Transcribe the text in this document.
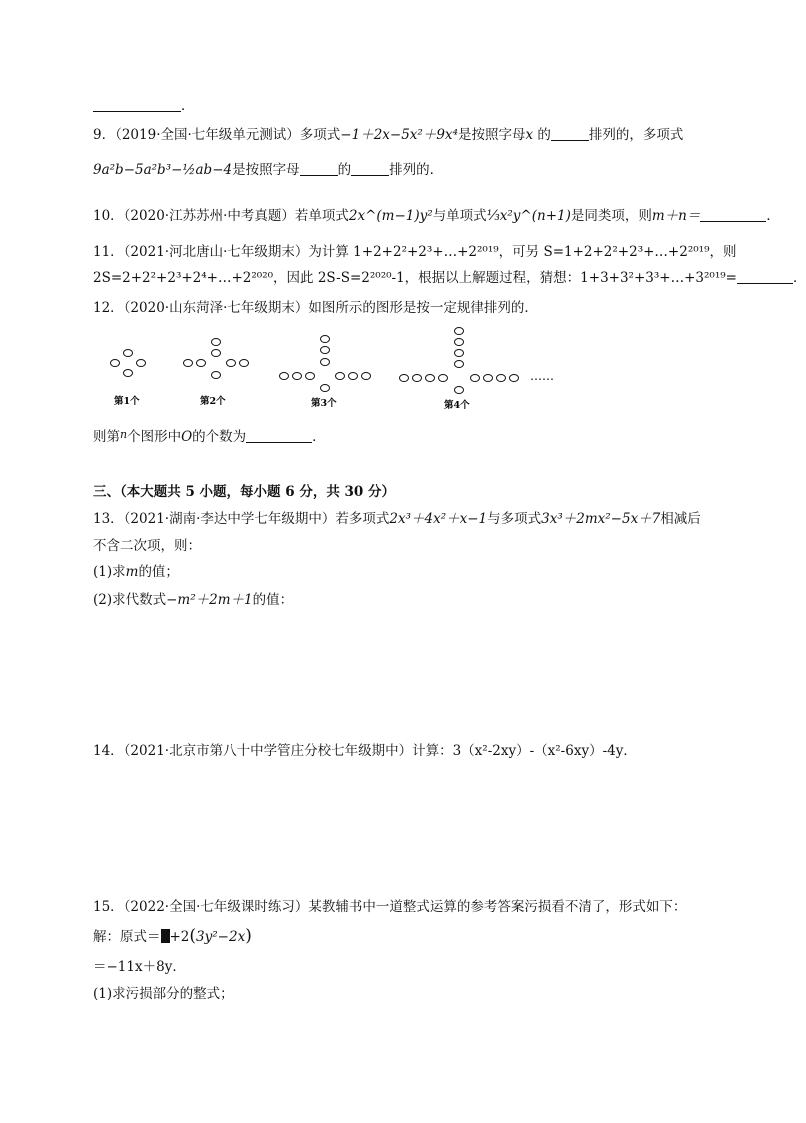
．
9．（2019·全国·七年级单元测试）多项式−1＋2x−5x²＋9x⁴是按照字母x 的	排列的，多项式
9a²b−5a²b³−½ab−4是按照字母	的	排列的．
10．（2020·江苏苏州·中考真题）若单项式2x^(m−1)y²与单项式⅓x²y^(n+1)是同类项，则m＋n＝	．
11．（2021·河北唐山·七年级期末）为计算 1+2+2²+2³+…+2²⁰¹⁹，可另 S=1+2+2²+2³+…+2²⁰¹⁹，则
2S=2+2²+2³+2⁴+…+2²⁰²⁰，因此 2S-S=2²⁰²⁰-1，根据以上解题过程，猜想：1+3+3²+3³+…+3²⁰¹⁹=	．
12．（2020·山东菏泽·七年级期末）如图所示的图形是按一定规律排列的．
第1个	第2个	第3个	第4个
……
则第$^n$个图形中O的个数为	．
三、（本大题共 5 小题，每小题 6 分，共 30 分）
13．（2021·湖南·李达中学七年级期中）若多项式2x³＋4x²＋x−1与多项式3x³＋2mx²−5x＋7相减后
不含二次项，则：
(1)求m的值；
(2)求代数式−m²＋2m＋1的值：
14．（2021·北京市第八十中学管庄分校七年级期中）计算：3（x²-2xy）-（x²-6xy）-4y．
15．（2022·全国·七年级课时练习）某教辅书中一道整式运算的参考答案污损看不清了，形式如下：
解：原式＝ +2(3y²−2x)
＝−11x＋8y．
(1)求污损部分的整式；
